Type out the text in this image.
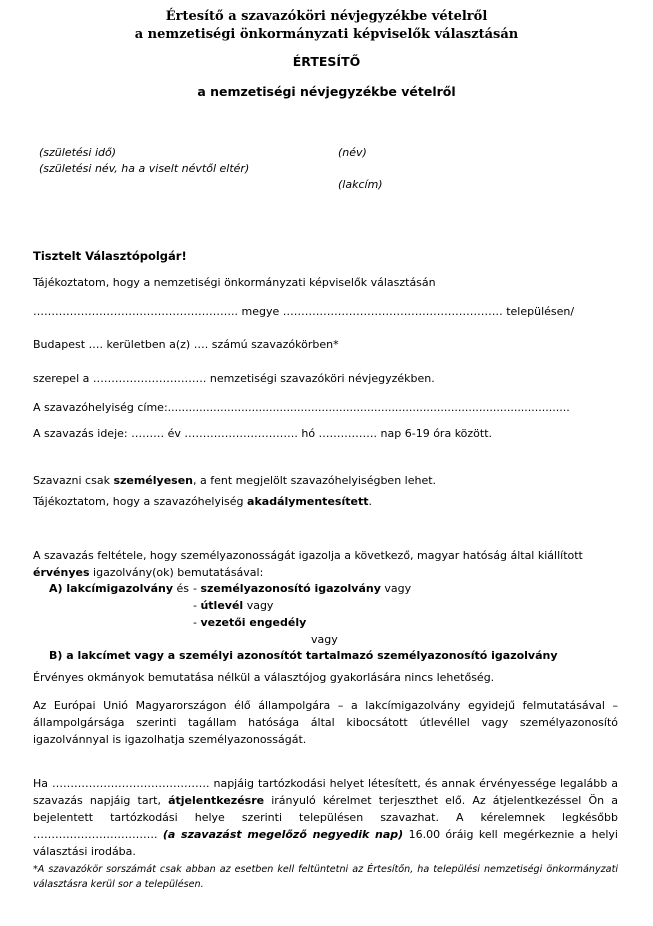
Értesítő a szavazóköri névjegyzékbe vételről
a nemzetiségi önkormányzati képviselők választásán
ÉRTESÍTŐ
a nemzetiségi névjegyzékbe vételről
(születési idő)
(születési név, ha a viselt névtől eltér)
(név)
(lakcím)
Tisztelt Választópolgár!
Tájékoztatom, hogy a nemzetiségi önkormányzati képviselők választásán
……………………………………………….. megye …………………………………………………… településen/
Budapest …. kerületben a(z) …. számú szavazókörben*
szerepel a …………………………. nemzetiségi szavazóköri névjegyzékben.
A szavazóhelyiség címe:...................................................................................................................
A szavazás ideje: ……… év …………………………. hó ……………. nap 6-19 óra között.
Szavazni csak személyesen, a fent megjelölt szavazóhelyiségben lehet.
Tájékoztatom, hogy a szavazóhelyiség akadálymentesített.
A szavazás feltétele, hogy személyazonosságát igazolja a következő, magyar hatóság által kiállított
érvényes igazolvány(ok) bemutatásával:
A) lakcímigazolvány és - személyazonosító igazolvány vagy
- útlevél vagy
- vezetői engedély
vagy
B) a lakcímet vagy a személyi azonosítót tartalmazó személyazonosító igazolvány
Érvényes okmányok bemutatása nélkül a választójog gyakorlására nincs lehetőség.
Az Európai Unió Magyarországon élő állampolgára – a lakcímigazolvány egyidejű felmutatásával – állampolgársága szerinti tagállam hatósága által kibocsátott útlevéllel vagy személyazonosító igazolvánnyal is igazolhatja személyazonosságát.
Ha ……………………………………. napjáig tartózkodási helyet létesített, és annak érvényessége legalább a szavazás napjáig tart, átjelentkezésre irányuló kérelmet terjeszthet elő. Az átjelentkezéssel Ön a bejelentett tartózkodási helye szerinti településen szavazhat. A kérelemnek legkésőbb ……………………………. (a szavazást megelőző negyedik nap) 16.00 óráig kell megérkeznie a helyi választási irodába.
*A szavazókör sorszámát csak abban az esetben kell feltüntetni az Értesítőn, ha települési nemzetiségi önkormányzati választásra kerül sor a településen.
